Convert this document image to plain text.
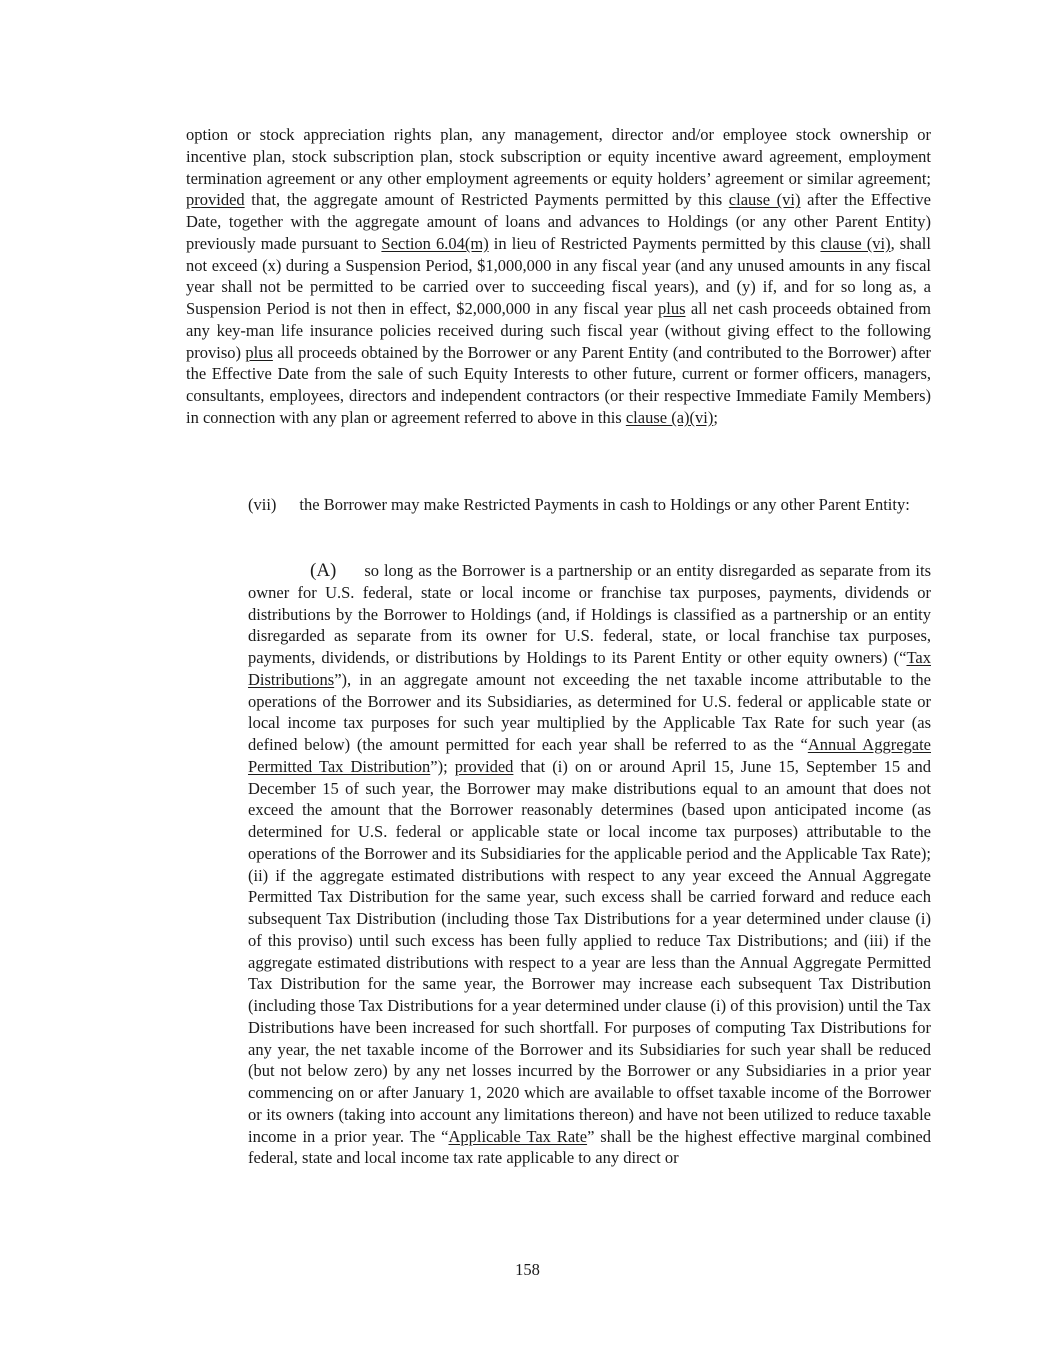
option or stock appreciation rights plan, any management, director and/or employee stock ownership or incentive plan, stock subscription plan, stock subscription or equity incentive award agreement, employment termination agreement or any other employment agreements or equity holders’ agreement or similar agreement; provided that, the aggregate amount of Restricted Payments permitted by this clause (vi) after the Effective Date, together with the aggregate amount of loans and advances to Holdings (or any other Parent Entity) previously made pursuant to Section 6.04(m) in lieu of Restricted Payments permitted by this clause (vi), shall not exceed (x) during a Suspension Period, $1,000,000 in any fiscal year (and any unused amounts in any fiscal year shall not be permitted to be carried over to succeeding fiscal years), and (y) if, and for so long as, a Suspension Period is not then in effect, $2,000,000 in any fiscal year plus all net cash proceeds obtained from any key-man life insurance policies received during such fiscal year (without giving effect to the following proviso) plus all proceeds obtained by the Borrower or any Parent Entity (and contributed to the Borrower) after the Effective Date from the sale of such Equity Interests to other future, current or former officers, managers, consultants, employees, directors and independent contractors (or their respective Immediate Family Members) in connection with any plan or agreement referred to above in this clause (a)(vi);

(vii) the Borrower may make Restricted Payments in cash to Holdings or any other Parent Entity:

(A) so long as the Borrower is a partnership or an entity disregarded as separate from its owner for U.S. federal, state or local income or franchise tax purposes, payments, dividends or distributions by the Borrower to Holdings (and, if Holdings is classified as a partnership or an entity disregarded as separate from its owner for U.S. federal, state, or local franchise tax purposes, payments, dividends, or distributions by Holdings to its Parent Entity or other equity owners) (“Tax Distributions”), in an aggregate amount not exceeding the net taxable income attributable to the operations of the Borrower and its Subsidiaries, as determined for U.S. federal or applicable state or local income tax purposes for such year multiplied by the Applicable Tax Rate for such year (as defined below) (the amount permitted for each year shall be referred to as the “Annual Aggregate Permitted Tax Distribution”); provided that (i) on or around April 15, June 15, September 15 and December 15 of such year, the Borrower may make distributions equal to an amount that does not exceed the amount that the Borrower reasonably determines (based upon anticipated income (as determined for U.S. federal or applicable state or local income tax purposes) attributable to the operations of the Borrower and its Subsidiaries for the applicable period and the Applicable Tax Rate); (ii) if the aggregate estimated distributions with respect to any year exceed the Annual Aggregate Permitted Tax Distribution for the same year, such excess shall be carried forward and reduce each subsequent Tax Distribution (including those Tax Distributions for a year determined under clause (i) of this proviso) until such excess has been fully applied to reduce Tax Distributions; and (iii) if the aggregate estimated distributions with respect to a year are less than the Annual Aggregate Permitted Tax Distribution for the same year, the Borrower may increase each subsequent Tax Distribution (including those Tax Distributions for a year determined under clause (i) of this provision) until the Tax Distributions have been increased for such shortfall. For purposes of computing Tax Distributions for any year, the net taxable income of the Borrower and its Subsidiaries for such year shall be reduced (but not below zero) by any net losses incurred by the Borrower or any Subsidiaries in a prior year commencing on or after January 1, 2020 which are available to offset taxable income of the Borrower or its owners (taking into account any limitations thereon) and have not been utilized to reduce taxable income in a prior year. The “Applicable Tax Rate” shall be the highest effective marginal combined federal, state and local income tax rate applicable to any direct or

158
